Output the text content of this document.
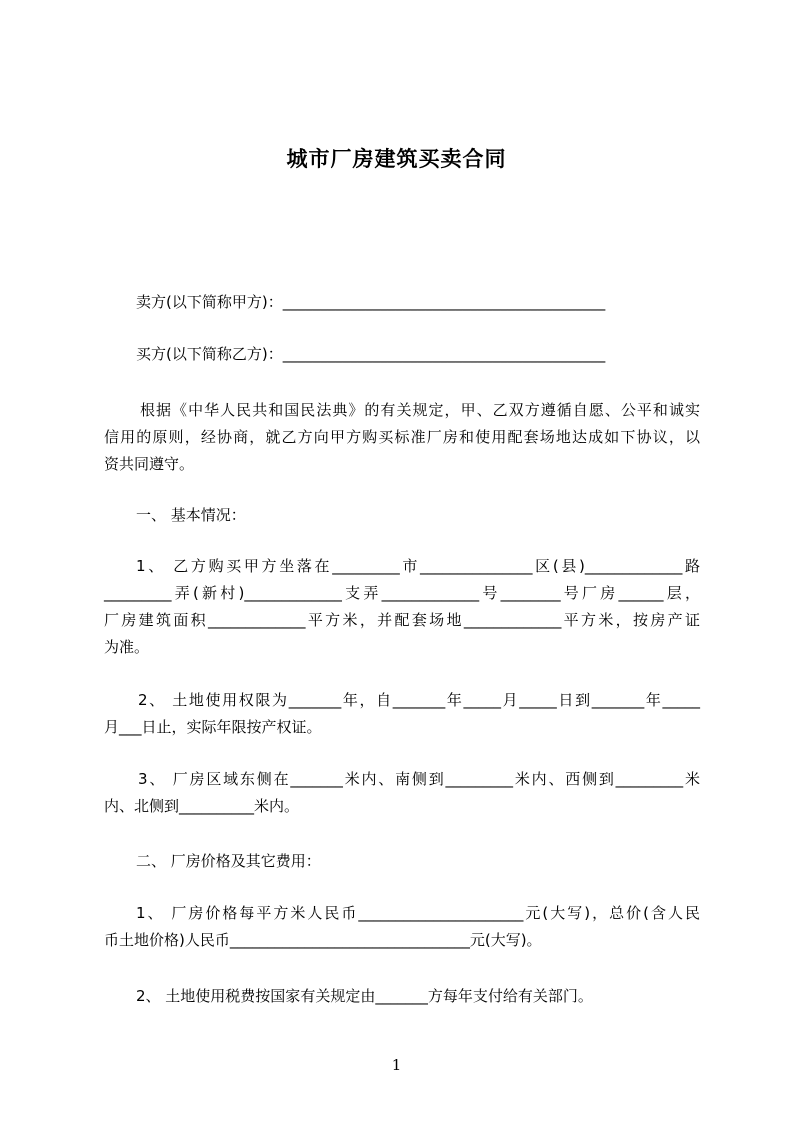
城市厂房建筑买卖合同
卖方(以下简称甲方)：___________________________________________
买方(以下简称乙方)：___________________________________________
根据《中华人民共和国民法典》的有关规定，甲、乙双方遵循自愿、公平和诚实
信用的原则，经协商，就乙方向甲方购买标准厂房和使用配套场地达成如下协议，以
资共同遵守。
一、 基本情况：
1、 乙方购买甲方坐落在_________市_______________区(县)_____________路
_________弄(新村)_____________支弄_____________号________号厂房______层，
厂房建筑面积_____________平方米，并配套场地_____________平方米，按房产证
为准。
2、 土地使用权限为_______年，自_______年_____月_____日到_______年_____
月___日止，实际年限按产权证。
3、 厂房区域东侧在_______米内、南侧到_________米内、西侧到_________米
内、北侧到__________米内。
二、 厂房价格及其它费用：
1、 厂房价格每平方米人民币______________________元(大写)，总价(含人民
币土地价格)人民币________________________________元(大写)。
2、 土地使用税费按国家有关规定由_______方每年支付给有关部门。
1
